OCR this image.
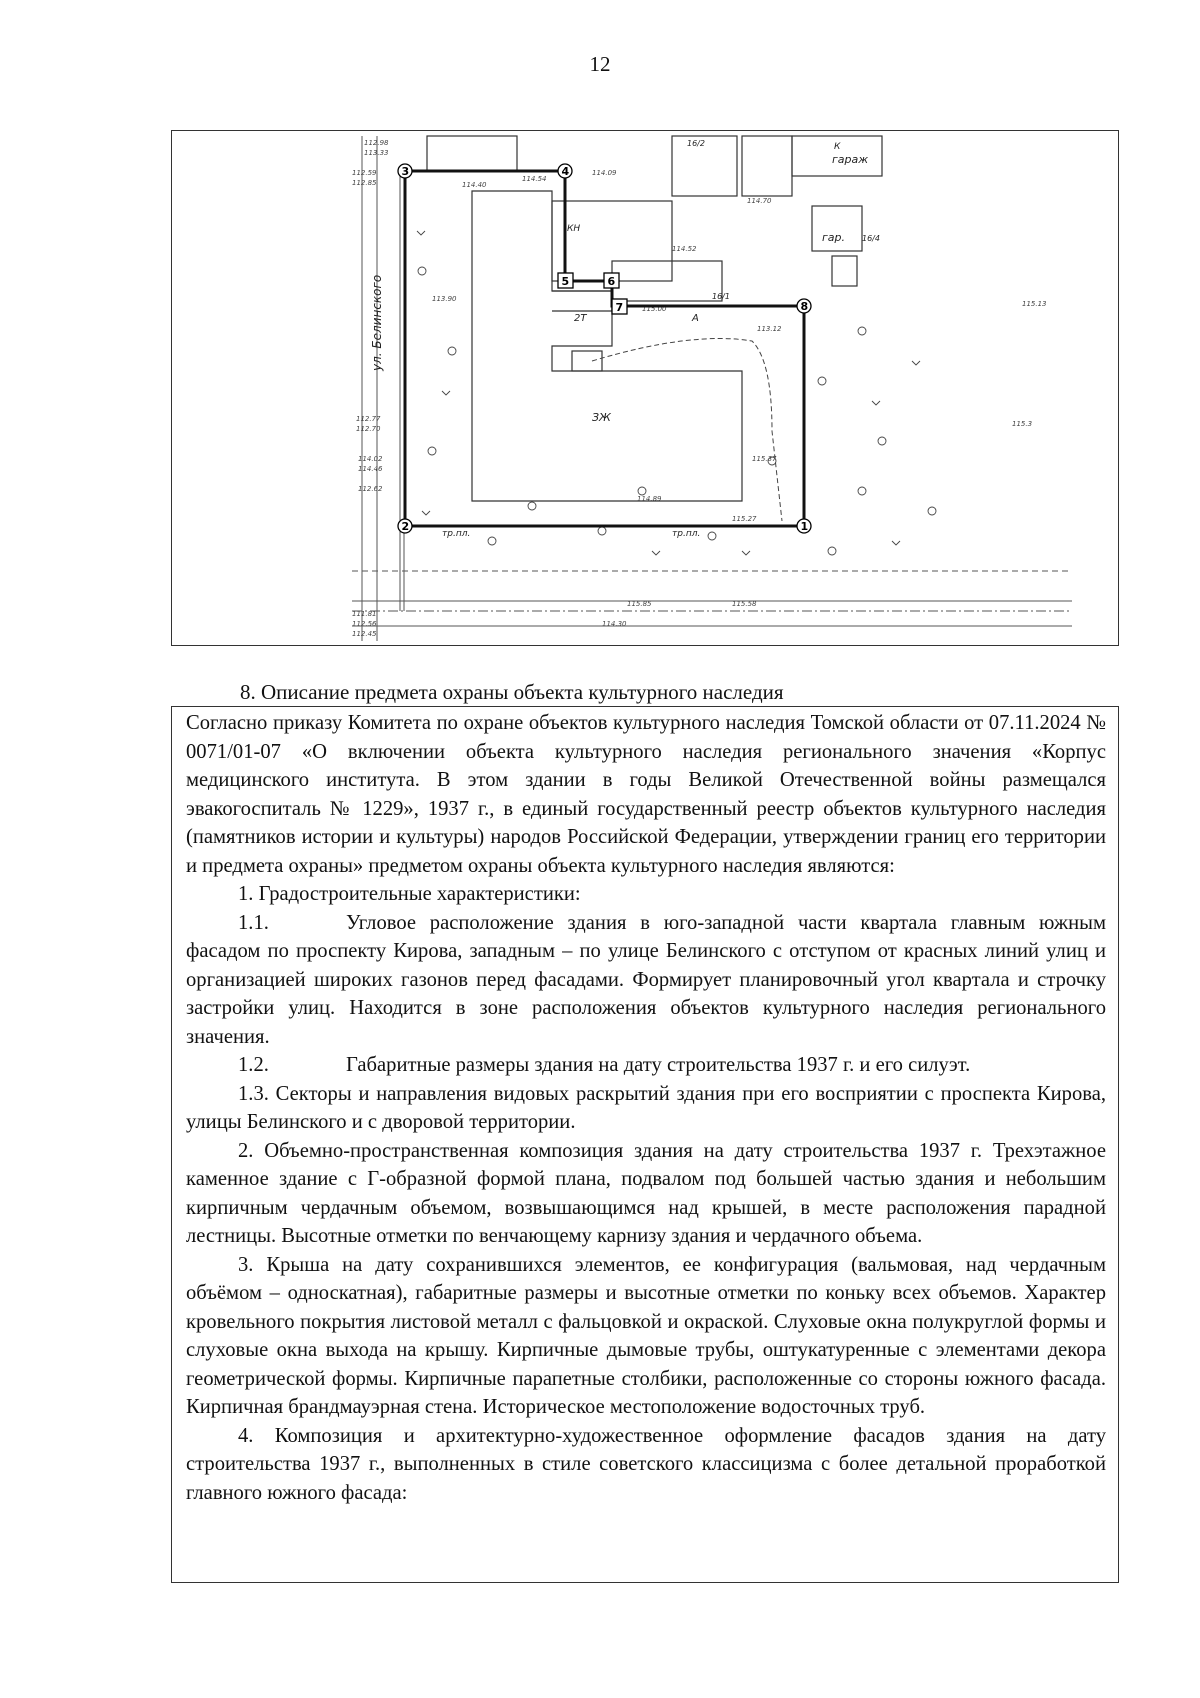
12
112.98
113.33
112.59
112.85
112.77
112.70
114.02
114.46
112.62
111.81
112.56
112.45
114.40
114.54
114.09
113.90
114.52
114.70
115.00
113.12
114.89
115.37
115.27
115.85	115.58
114.30
115.13
115.3
ул. Белинского
ЗЖ
КН
гараж
гар.
К
2Т	А
тр.пл.	тр.пл.
16/2
16/1
16/4
1
2
3	4
5	6
7	8
8. Описание предмета охраны объекта культурного наследия

Согласно приказу Комитета по охране объектов культурного наследия Томской области от 07.11.2024 № 0071/01-07 «О включении объекта культурного наследия регионального значения «Корпус медицинского института. В этом здании в годы Великой Отечественной войны размещался эвакогоспиталь № 1229», 1937 г., в единый государственный реестр объектов культурного наследия (памятников истории и культуры) народов Российской Федерации, утверждении границ его территории и предмета охраны» предметом охраны объекта культурного наследия являются:

1. Градостроительные характеристики:

1.1.	Угловое расположение здания в юго-западной части квартала главным южным фасадом по проспекту Кирова, западным – по улице Белинского с отступом от красных линий улиц и организацией широких газонов перед фасадами. Формирует планировочный угол квартала и строчку застройки улиц. Находится в зоне расположения объектов культурного наследия регионального значения.

1.2.	Габаритные размеры здания на дату строительства 1937 г. и его силуэт.

1.3. Секторы и направления видовых раскрытий здания при его восприятии с проспекта Кирова, улицы Белинского и с дворовой территории.

2. Объемно-пространственная композиция здания на дату строительства 1937 г. Трехэтажное каменное здание с Г-образной формой плана, подвалом под большей частью здания и небольшим кирпичным чердачным объемом, возвышающимся над крышей, в месте расположения парадной лестницы. Высотные отметки по венчающему карнизу здания и чердачного объема.

3. Крыша на дату сохранившихся элементов, ее конфигурация (вальмовая, над чердачным объёмом – односкатная), габаритные размеры и высотные отметки по коньку всех объемов. Характер кровельного покрытия листовой металл с фальцовкой и окраской. Слуховые окна полукруглой формы и слуховые окна выхода на крышу. Кирпичные дымовые трубы, оштукатуренные с элементами декора геометрической формы. Кирпичные парапетные столбики, расположенные со стороны южного фасада. Кирпичная брандмауэрная стена. Историческое местоположение водосточных труб.

4. Композиция и архитектурно-художественное оформление фасадов здания на дату строительства 1937 г., выполненных в стиле советского классицизма с более детальной проработкой главного южного фасада:
